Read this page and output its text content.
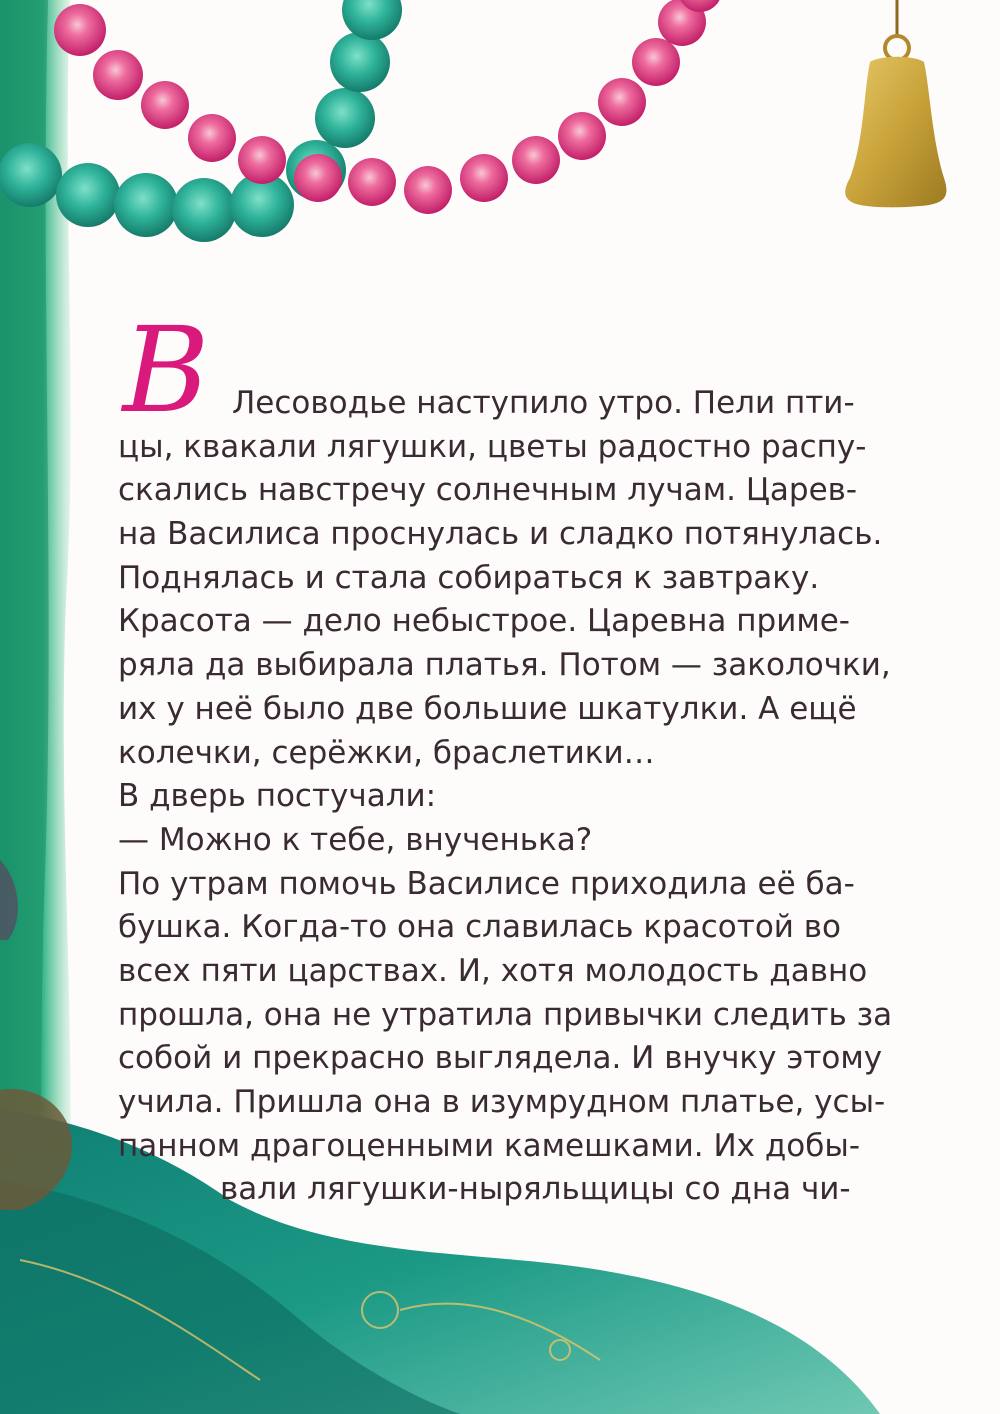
В Лесоводье наступило утро. Пели пти-
цы, квакали лягушки, цветы радостно распу-
скались навстречу солнечным лучам. Царев-
на Василиса проснулась и сладко потянулась.
Поднялась и стала собираться к завтраку.
Красота — дело небыстрое. Царевна приме-
ряла да выбирала платья. Потом — заколочки,
их у неё было две большие шкатулки. А ещё
колечки, серёжки, браслетики…
В дверь постучали:
— Можно к тебе, внученька?
По утрам помочь Василисе приходила её ба-
бушка. Когда-то она славилась красотой во
всех пяти царствах. И, хотя молодость давно
прошла, она не утратила привычки следить за
собой и прекрасно выглядела. И внучку этому
учила. Пришла она в изумрудном платье, усы-
панном драгоценными камешками. Их добы-
вали лягушки-ныряльщицы со дна чи-
